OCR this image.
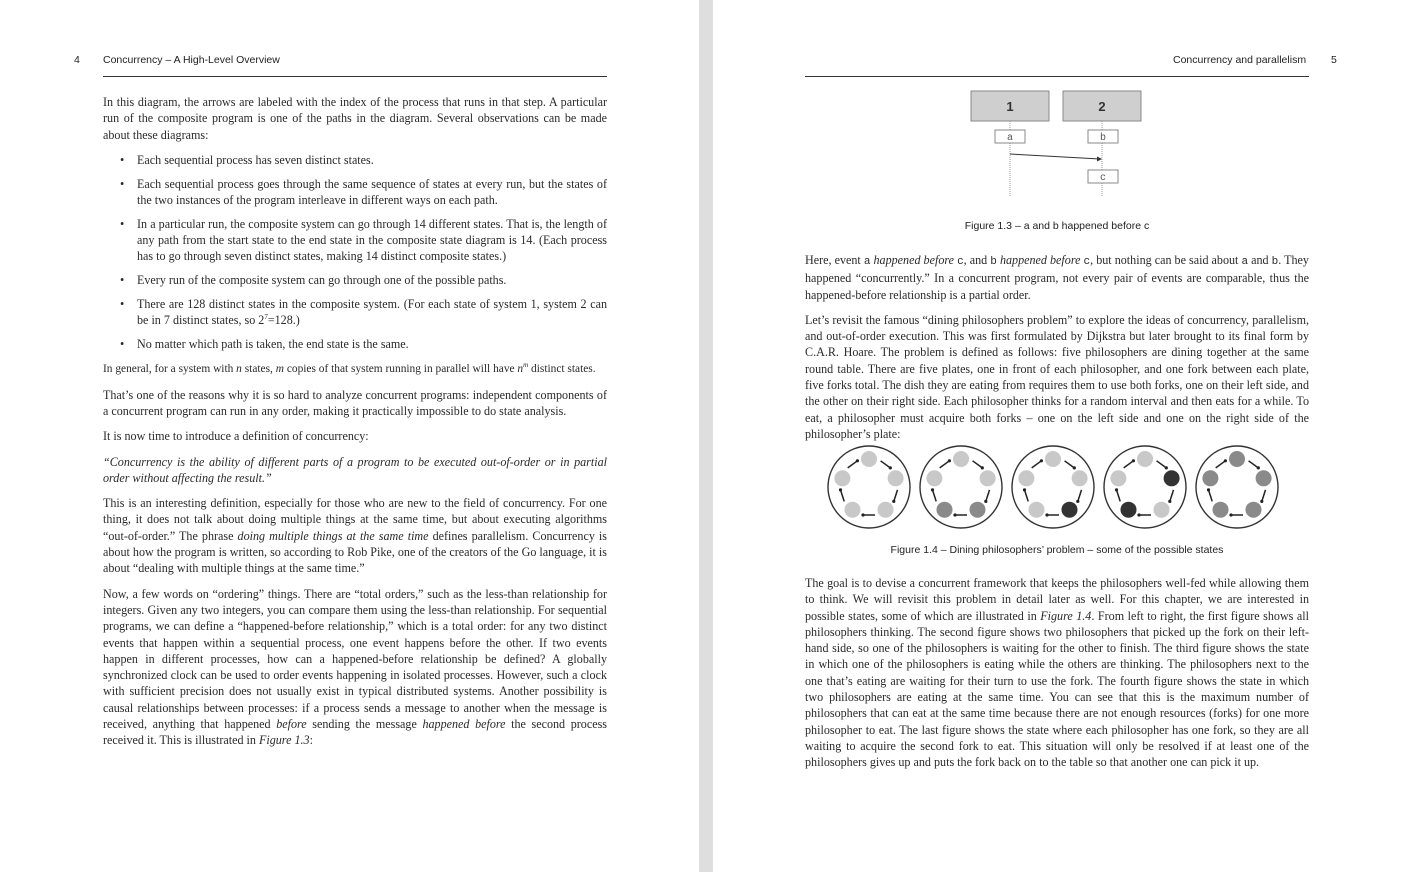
4 Concurrency – A High-Level Overview

In this diagram, the arrows are labeled with the index of the process that runs in that step. A particular run of the composite program is one of the paths in the diagram. Several observations can be made about these diagrams:

• Each sequential process has seven distinct states.
• Each sequential process goes through the same sequence of states at every run, but the states of the two instances of the program interleave in different ways on each path.
• In a particular run, the composite system can go through 14 different states. That is, the length of any path from the start state to the end state in the composite state diagram is 14. (Each process has to go through seven distinct states, making 14 distinct composite states.)
• Every run of the composite system can go through one of the possible paths.
• There are 128 distinct states in the composite system. (For each state of system 1, system 2 can be in 7 distinct states, so $2^7=128$.)
• No matter which path is taken, the end state is the same.

In general, for a system with n states, m copies of that system running in parallel will have $n^m$ distinct states.

That’s one of the reasons why it is so hard to analyze concurrent programs: independent components of a concurrent program can run in any order, making it practically impossible to do state analysis.

It is now time to introduce a definition of concurrency:

“Concurrency is the ability of different parts of a program to be executed out-of-order or in partial order without affecting the result.”

This is an interesting definition, especially for those who are new to the field of concurrency. For one thing, it does not talk about doing multiple things at the same time, but about executing algorithms “out-of-order.” The phrase doing multiple things at the same time defines parallelism. Concurrency is about how the program is written, so according to Rob Pike, one of the creators of the Go language, it is about “dealing with multiple things at the same time.”

Now, a few words on “ordering” things. There are “total orders,” such as the less-than relationship for integers. Given any two integers, you can compare them using the less-than relationship. For sequential programs, we can define a “happened-before relationship,” which is a total order: for any two distinct events that happen within a sequential process, one event happens before the other. If two events happen in different processes, how can a happened-before relationship be defined? A globally synchronized clock can be used to order events happening in isolated processes. However, such a clock with sufficient precision does not usually exist in typical distributed systems. Another possibility is causal relationships between processes: if a process sends a message to another when the message is received, anything that happened before sending the message happened before the second process received it. This is illustrated in Figure 1.3:

Concurrency and parallelism 5
1	2
a	b
c
Figure 1.3 – a and b happened before c

Here, event a happened before c, and b happened before c, but nothing can be said about a and b. They happened “concurrently.” In a concurrent program, not every pair of events are comparable, thus the happened-before relationship is a partial order.

Let’s revisit the famous “dining philosophers problem” to explore the ideas of concurrency, parallelism, and out-of-order execution. This was first formulated by Dijkstra but later brought to its final form by C.A.R. Hoare. The problem is defined as follows: five philosophers are dining together at the same round table. There are five plates, one in front of each philosopher, and one fork between each plate, five forks total. The dish they are eating from requires them to use both forks, one on their left side, and the other on their right side. Each philosopher thinks for a random interval and then eats for a while. To eat, a philosopher must acquire both forks – one on the left side and one on the right side of the philosopher’s plate:

Figure 1.4 – Dining philosophers’ problem – some of the possible states

The goal is to devise a concurrent framework that keeps the philosophers well-fed while allowing them to think. We will revisit this problem in detail later as well. For this chapter, we are interested in possible states, some of which are illustrated in Figure 1.4. From left to right, the first figure shows all philosophers thinking. The second figure shows two philosophers that picked up the fork on their left-hand side, so one of the philosophers is waiting for the other to finish. The third figure shows the state in which one of the philosophers is eating while the others are thinking. The philosophers next to the one that’s eating are waiting for their turn to use the fork. The fourth figure shows the state in which two philosophers are eating at the same time. You can see that this is the maximum number of philosophers that can eat at the same time because there are not enough resources (forks) for one more philosopher to eat. The last figure shows the state where each philosopher has one fork, so they are all waiting to acquire the second fork to eat. This situation will only be resolved if at least one of the philosophers gives up and puts the fork back on to the table so that another one can pick it up.
